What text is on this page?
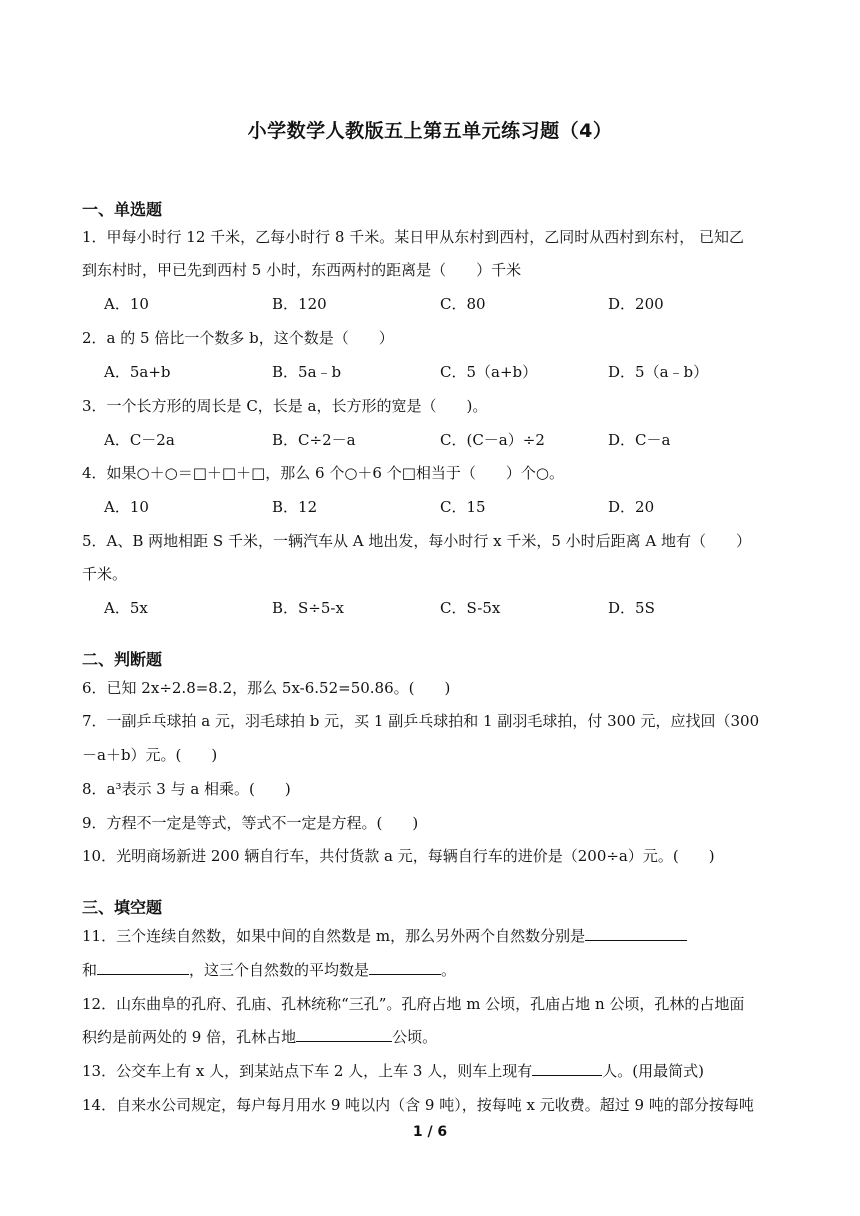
小学数学人教版五上第五单元练习题（4）
一、单选题
1．甲每小时行 12 千米，乙每小时行 8 千米。某日甲从东村到西村，乙同时从西村到东村， 已知乙
到东村时，甲已先到西村 5 小时，东西两村的距离是（　　）千米
A．10	B．120	C．80	D．200
2．a 的 5 倍比一个数多 b，这个数是（　　）
A．5a+b	B．5a﹣b	C．5（a+b）	D．5（a﹣b）
3．一个长方形的周长是 C，长是 a，长方形的宽是（　　)。
A．C－2a	B．C÷2－a	C．(C－a）÷2	D．C－a
4．如果○＋○＝□＋□＋□，那么 6 个○＋6 个□相当于（　　）个○。
A．10	B．12	C．15	D．20
5．A、B 两地相距 S 千米，一辆汽车从 A 地出发，每小时行 x 千米，5 小时后距离 A 地有（　　）
千米。
A．5x	B．S÷5-x	C．S-5x	D．5S
二、判断题
6．已知 2x÷2.8=8.2，那么 5x-6.52=50.86。(　　)
7．一副乒乓球拍 a 元，羽毛球拍 b 元，买 1 副乒乓球拍和 1 副羽毛球拍，付 300 元，应找回（300
－a＋b）元。(　　)
8．a³表示 3 与 a 相乘。(　　)
9．方程不一定是等式，等式不一定是方程。(　　)
10．光明商场新进 200 辆自行车，共付货款 a 元，每辆自行车的进价是（200÷a）元。(　　)
三、填空题
11．三个连续自然数，如果中间的自然数是 m，那么另外两个自然数分别是
和	，这三个自然数的平均数是	。
12．山东曲阜的孔府、孔庙、孔林统称“三孔”。孔府占地 m 公顷，孔庙占地 n 公顷，孔林的占地面
积约是前两处的 9 倍，孔林占地	公顷。
13．公交车上有 x 人，到某站点下车 2 人，上车 3 人，则车上现有	人。(用最简式)
14．自来水公司规定，每户每月用水 9 吨以内（含 9 吨），按每吨 x 元收费。超过 9 吨的部分按每吨
1 / 6
